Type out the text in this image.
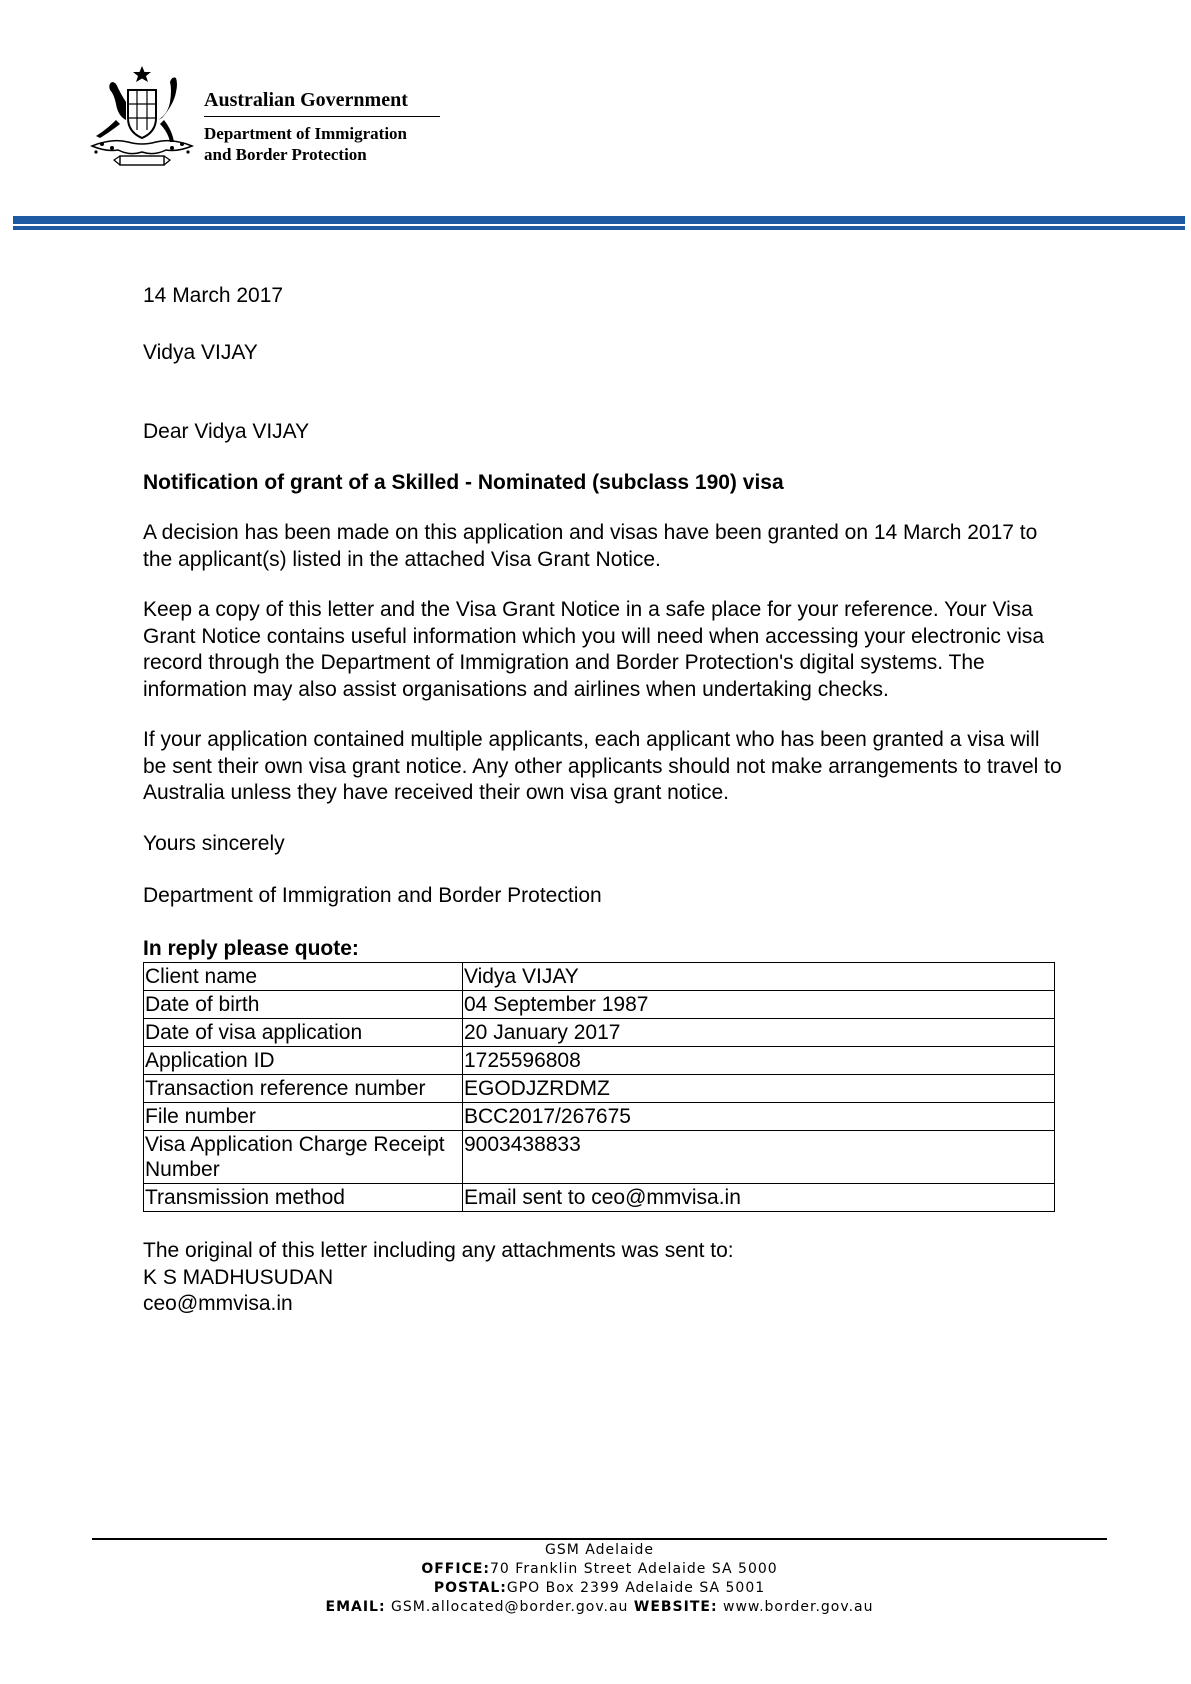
Australian Government
Department of Immigration
and Border Protection

14 March 2017

Vidya VIJAY

Dear Vidya VIJAY

Notification of grant of a Skilled - Nominated (subclass 190) visa

A decision has been made on this application and visas have been granted on 14 March 2017 to the applicant(s) listed in the attached Visa Grant Notice.

Keep a copy of this letter and the Visa Grant Notice in a safe place for your reference. Your Visa Grant Notice contains useful information which you will need when accessing your electronic visa record through the Department of Immigration and Border Protection's digital systems. The information may also assist organisations and airlines when undertaking checks.

If your application contained multiple applicants, each applicant who has been granted a visa will be sent their own visa grant notice. Any other applicants should not make arrangements to travel to Australia unless they have received their own visa grant notice.

Yours sincerely

Department of Immigration and Border Protection

In reply please quote:

Client name	Vidya VIJAY
Date of birth	04 September 1987
Date of visa application	20 January 2017
Application ID	1725596808
Transaction reference number	EGODJZRDMZ
File number	BCC2017/267675
Visa Application Charge Receipt Number	9003438833
Transmission method	Email sent to ceo@mmvisa.in

The original of this letter including any attachments was sent to:

K S MADHUSUDAN

ceo@mmvisa.in

GSM Adelaide
OFFICE:70 Franklin Street Adelaide SA 5000
POSTAL:GPO Box 2399 Adelaide SA 5001
EMAIL: GSM.allocated@border.gov.au WEBSITE: www.border.gov.au
